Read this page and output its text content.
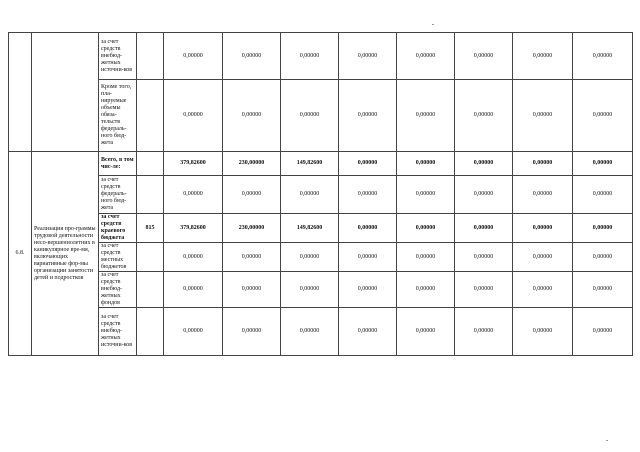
		за счет средств внебюд-жетных источни-ков		0,00000	0,00000	0,00000	0,00000	0,00000	0,00000	0,00000	0,00000
		Кроме того, пла-нируемые объемы обяза-тельств федераль-ного бюд-жета		0,00000	0,00000	0,00000	0,00000	0,00000	0,00000	0,00000	0,00000
6.8.	Реализация про-граммы трудовой деятельности несо-вершеннолетних в каникулярное вре-мя, включающих вариативные фор-мы организации занятости детей и подростков	Всего, в том чис-ле:		379,82600	230,00000	149,82600	0,00000	0,00000	0,00000	0,00000	0,00000
		за счет средств федераль-ного бюд-жета		0,00000	0,00000	0,00000	0,00000	0,00000	0,00000	0,00000	0,00000
		за счет средств краевого бюджета	815	379,82600	230,00000	149,82600	0,00000	0,00000	0,00000	0,00000	0,00000
		за счет средств местных бюджетов		0,00000	0,00000	0,00000	0,00000	0,00000	0,00000	0,00000	0,00000
		за счет средств внебюд-жетных фондов		0,00000	0,00000	0,00000	0,00000	0,00000	0,00000	0,00000	0,00000
		за счет средств внебюд-жетных источни-ков		0,00000	0,00000	0,00000	0,00000	0,00000	0,00000	0,00000	0,00000
